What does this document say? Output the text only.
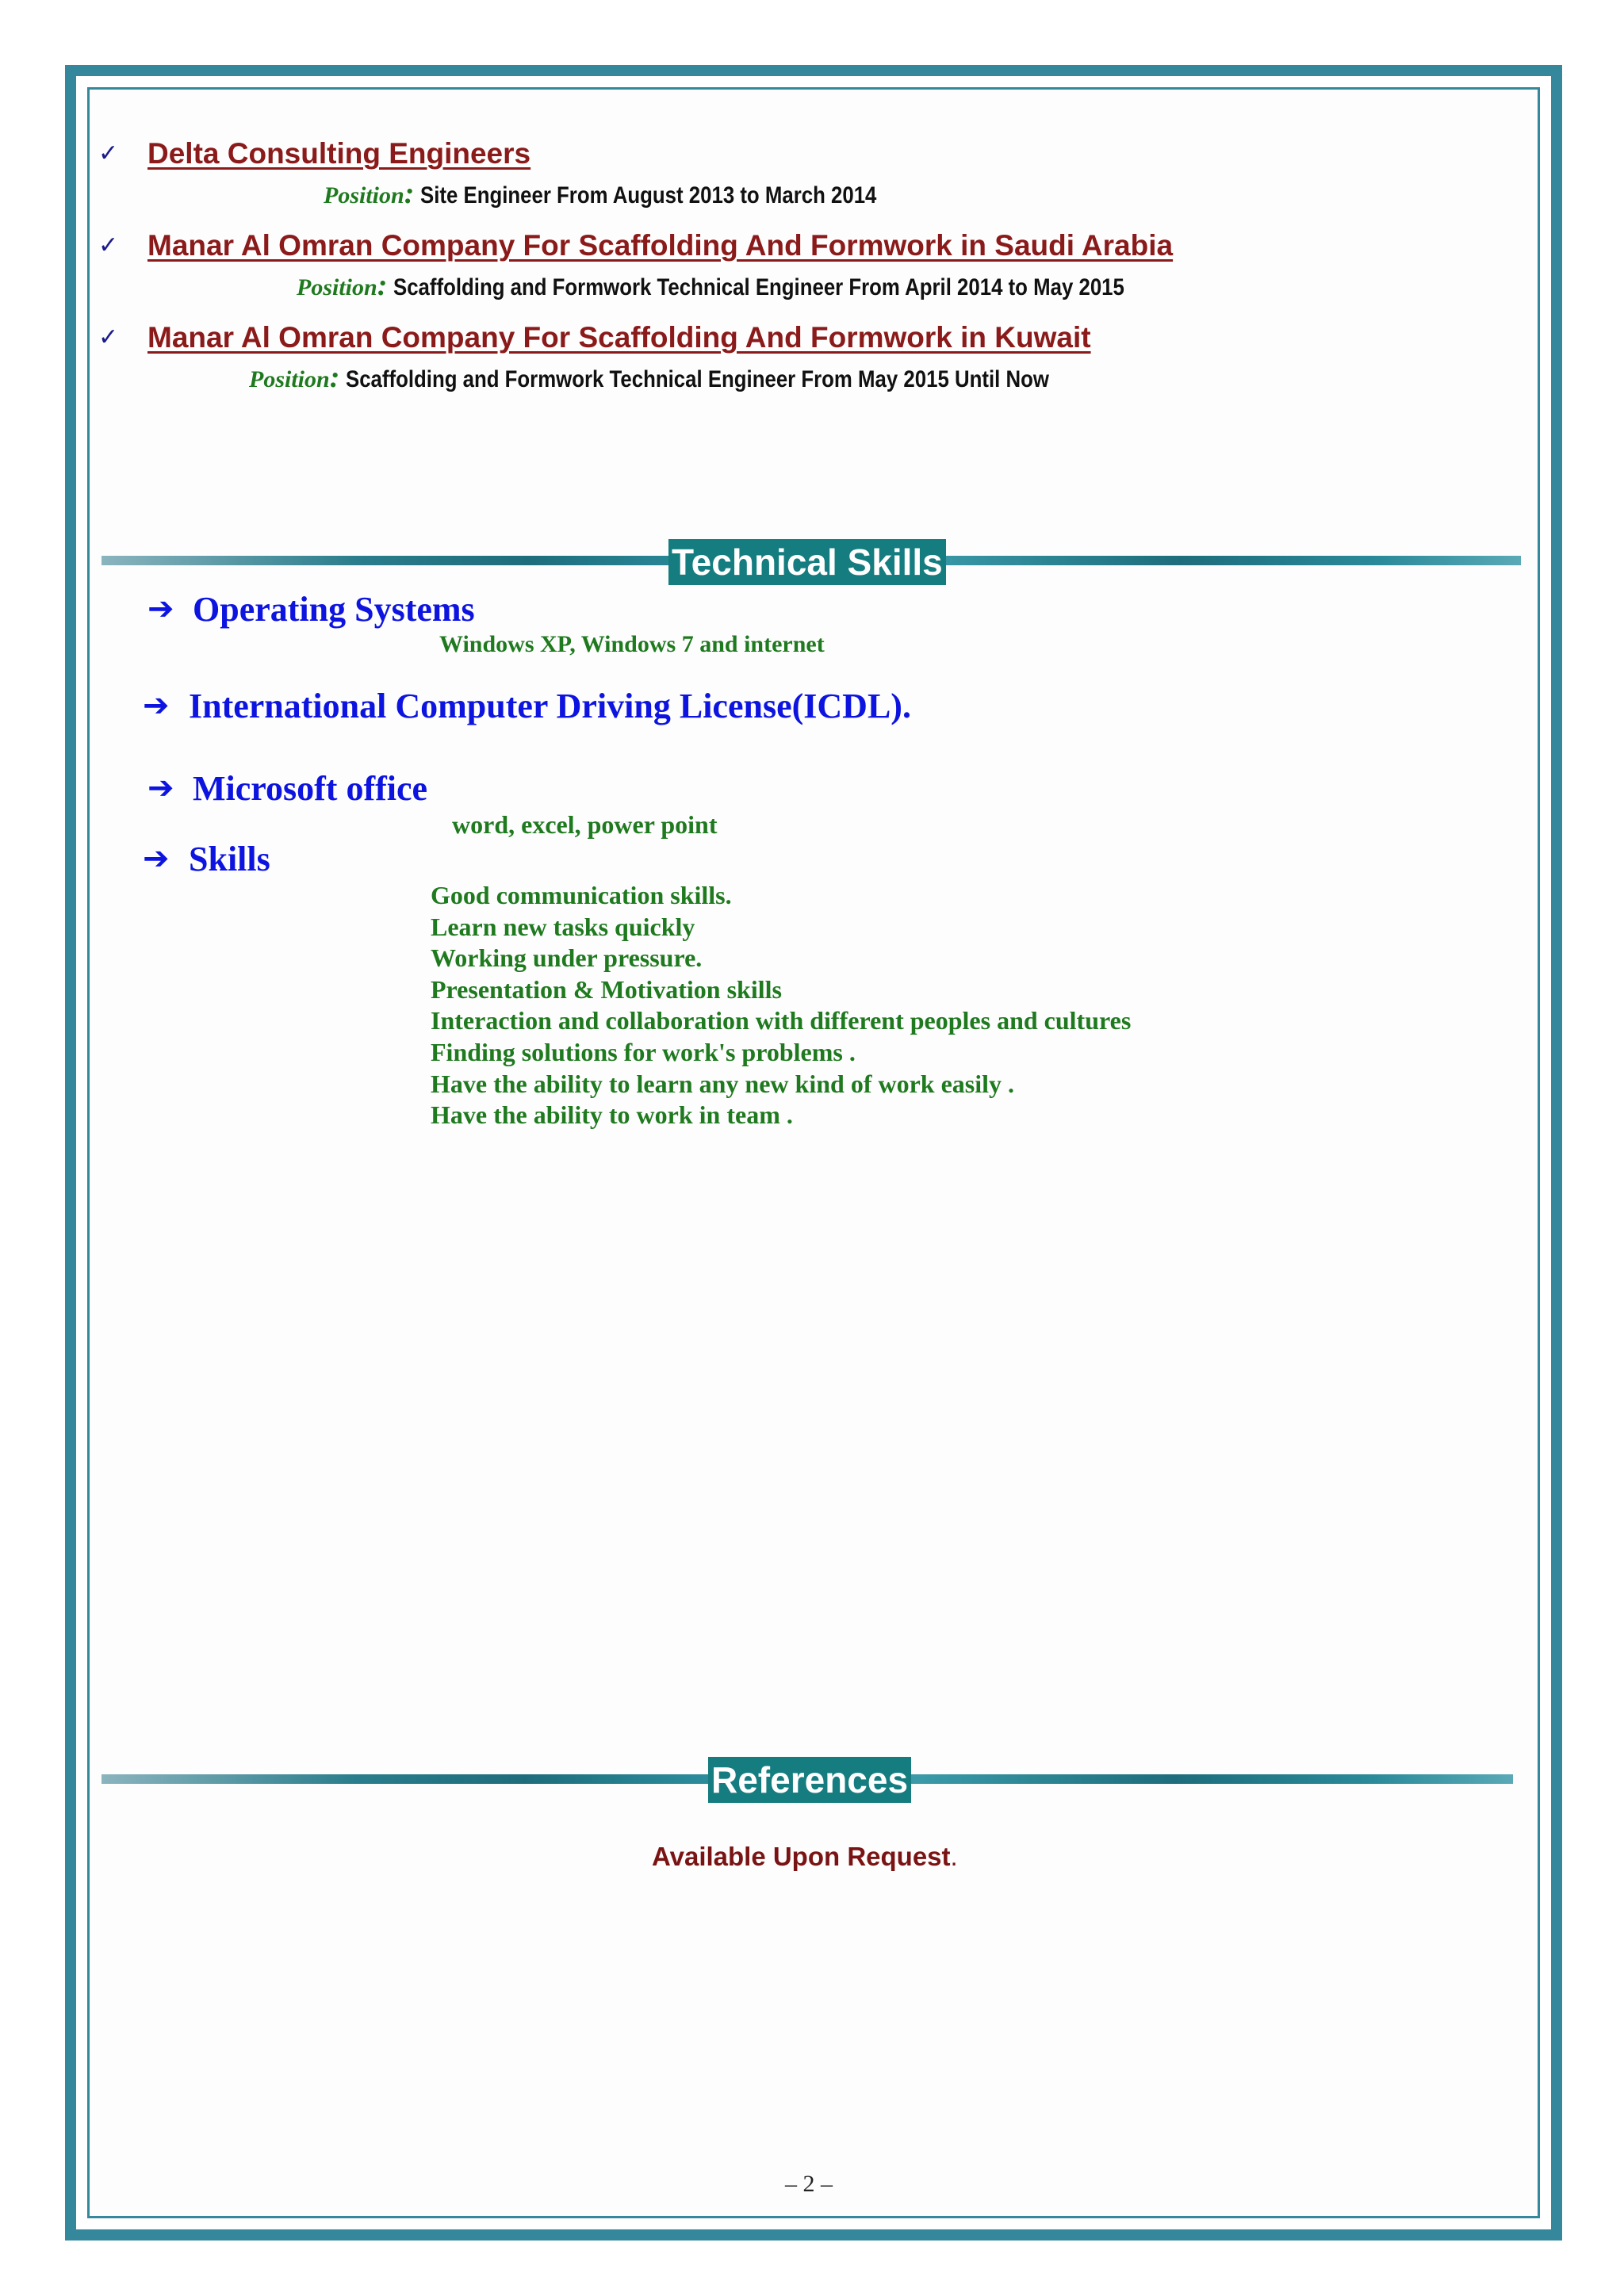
✓ Delta Consulting Engineers
Position: Site Engineer From August 2013 to March 2014
✓ Manar Al Omran Company For Scaffolding And Formwork in Saudi Arabia
Position: Scaffolding and Formwork Technical Engineer From April 2014 to May 2015
✓ Manar Al Omran Company For Scaffolding And Formwork in Kuwait
Position: Scaffolding and Formwork Technical Engineer From May 2015 Until Now
Technical Skills
➔ Operating Systems
Windows XP, Windows 7 and internet
➔ International Computer Driving License(ICDL).
➔ Microsoft office
word, excel, power point
➔ Skills
Good communication skills.
Learn new tasks quickly
Working under pressure.
Presentation & Motivation skills
Interaction and collaboration with different peoples and cultures
Finding solutions for work's problems .
Have the ability to learn any new kind of work easily .
Have the ability to work in team .
References
Available Upon Request.
– 2 –
